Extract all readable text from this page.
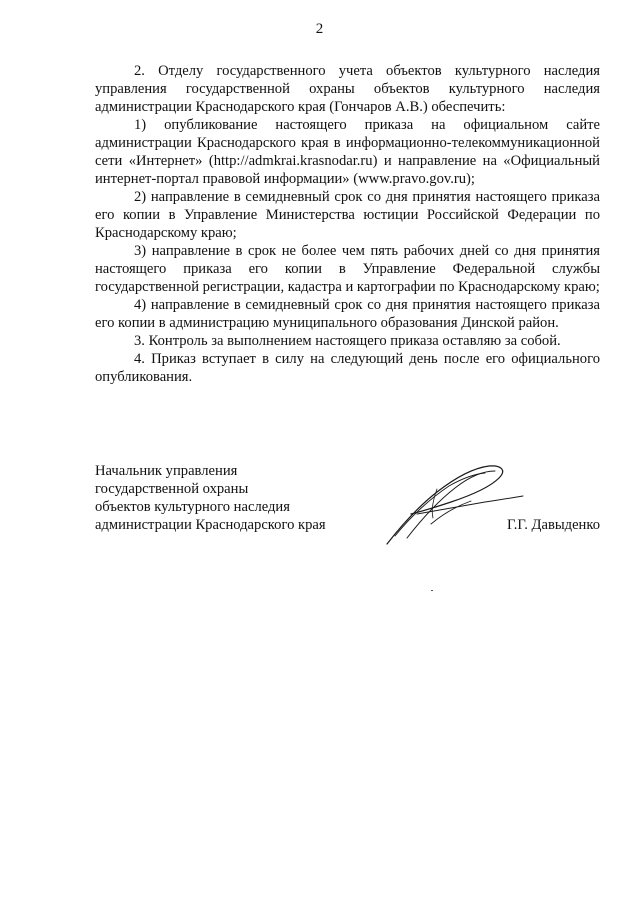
2

2. Отделу государственного учета объектов культурного наследия управления государственной охраны объектов культурного наследия администрации Краснодарского края (Гончаров А.В.) обеспечить:

1) опубликование настоящего приказа на официальном сайте администрации Краснодарского края в информационно-телекоммуникационной сети «Интернет» (http://admkrai.krasnodar.ru) и направление на «Официальный интернет-портал правовой информации» (www.pravo.gov.ru);

2) направление в семидневный срок со дня принятия настоящего приказа его копии в Управление Министерства юстиции Российской Федерации по Краснодарскому краю;

3) направление в срок не более чем пять рабочих дней со дня принятия настоящего приказа его копии в Управление Федеральной службы государственной регистрации, кадастра и картографии по Краснодарскому краю;

4) направление в семидневный срок со дня принятия настоящего приказа его копии в администрацию муниципального образования Динской район.

3. Контроль за выполнением настоящего приказа оставляю за собой.

4. Приказ вступает в силу на следующий день после его официального опубликования.

Начальник управления
государственной охраны
объектов культурного наследия
администрации Краснодарского края	Г.Г. Давыденко
